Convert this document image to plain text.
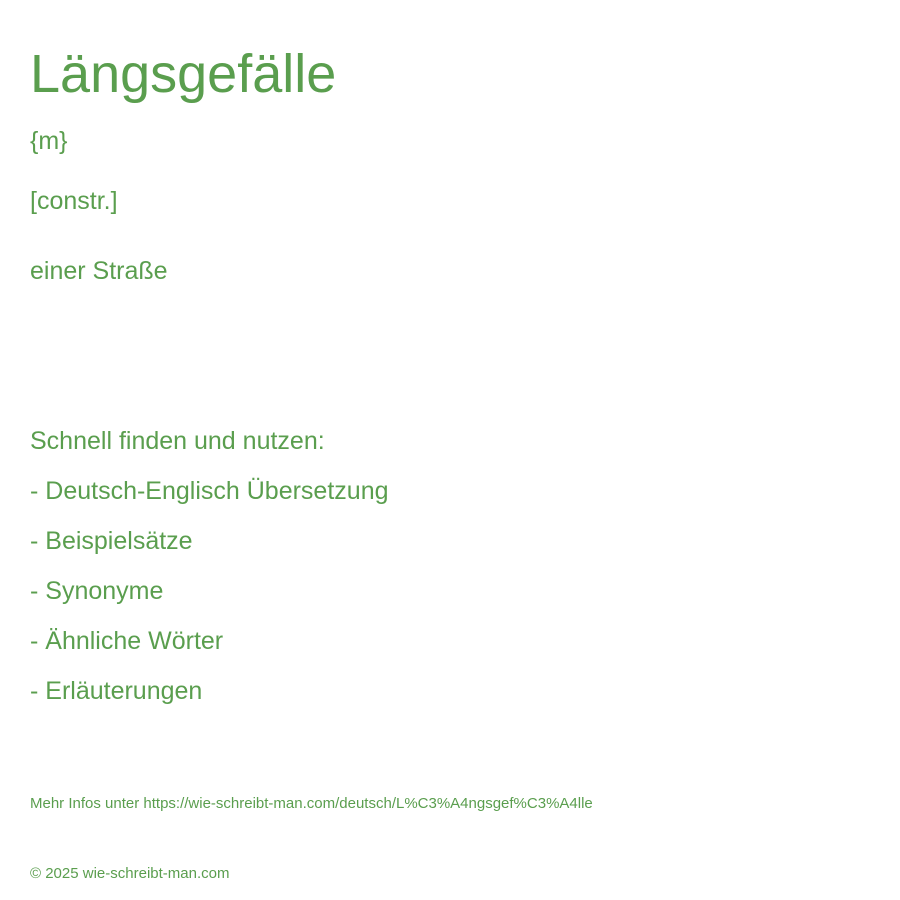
Längsgefälle
{m}
[constr.]
einer Straße
Schnell finden und nutzen:
- Deutsch-Englisch Übersetzung
- Beispielsätze
- Synonyme
- Ähnliche Wörter
- Erläuterungen
Mehr Infos unter https://wie-schreibt-man.com/deutsch/L%C3%A4ngsgef%C3%A4lle
© 2025 wie-schreibt-man.com
